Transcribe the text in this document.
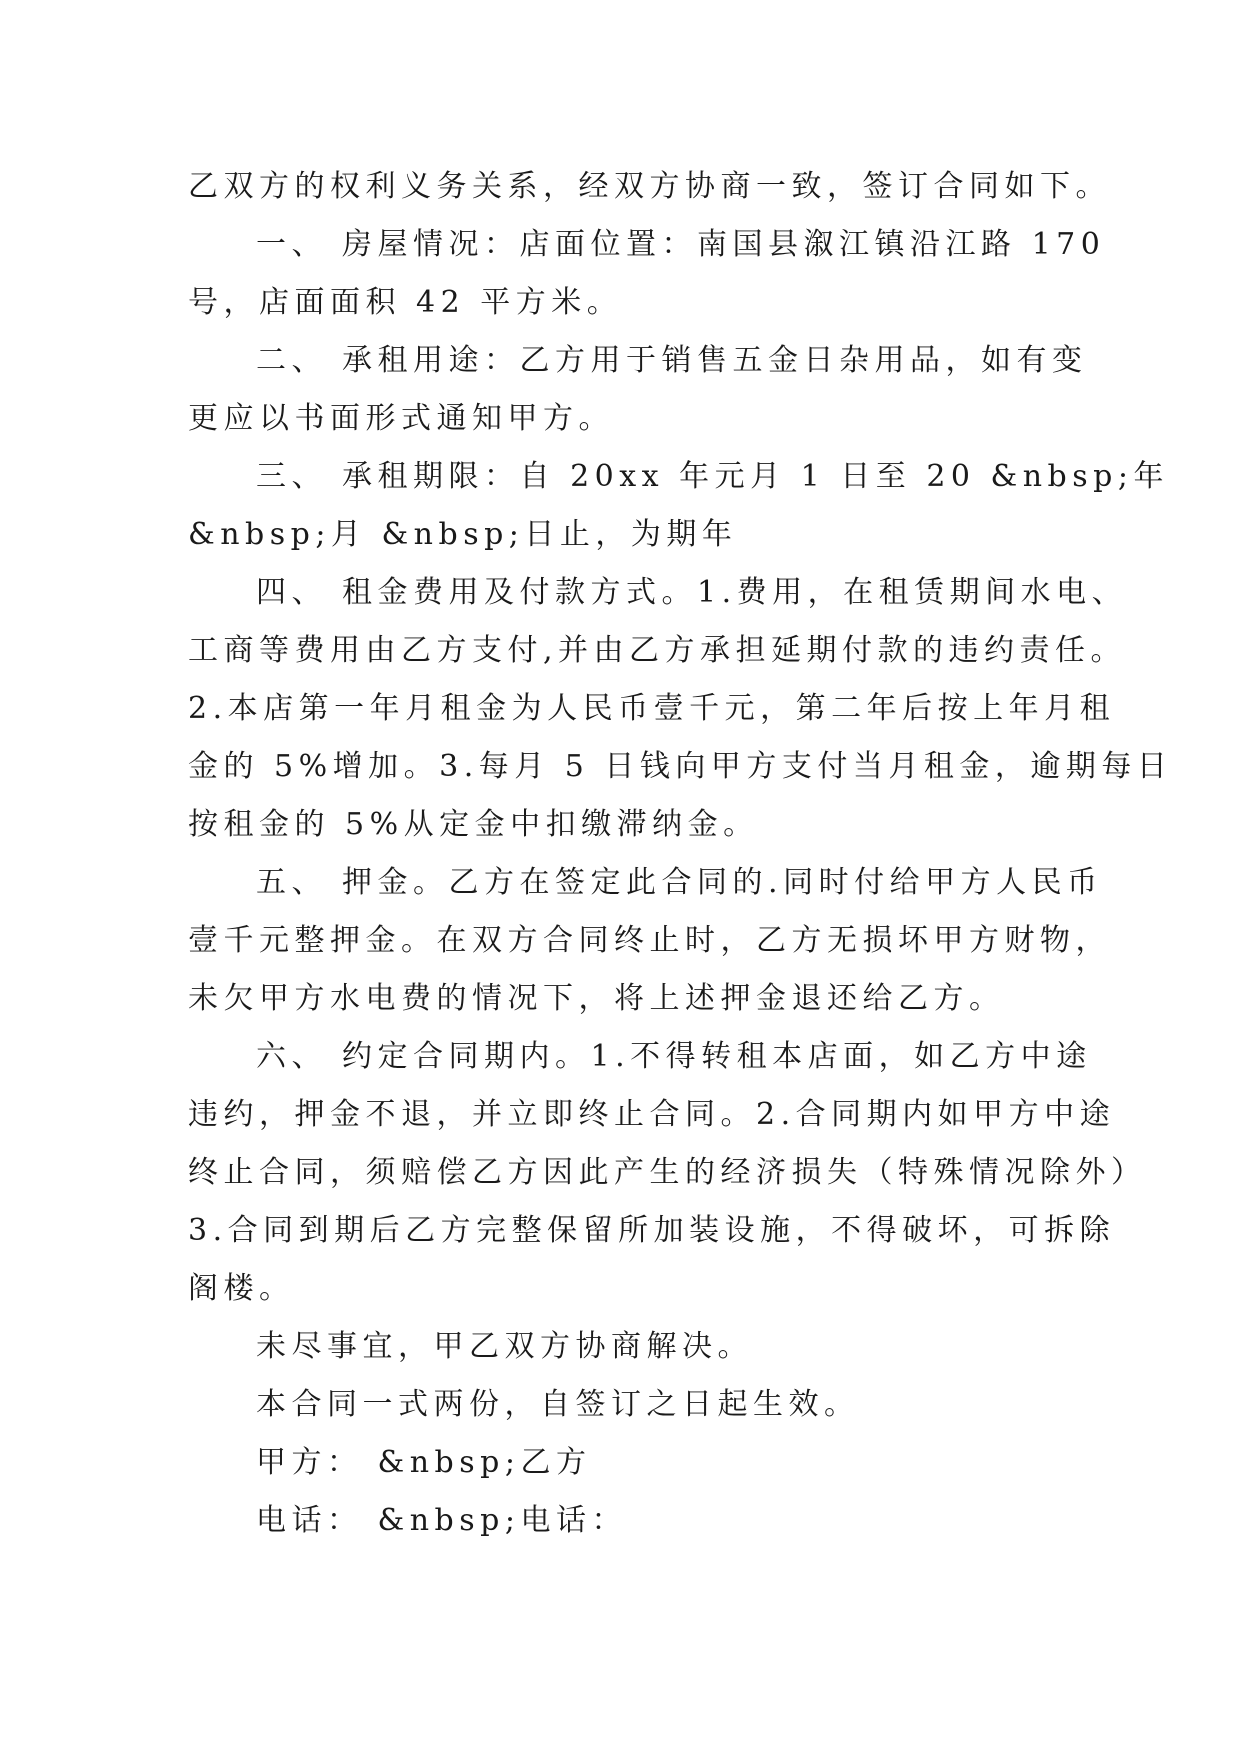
乙双方的权利义务关系，经双方协商一致，签订合同如下。
一、 房屋情况：店面位置：南国县溆江镇沿江路 170
号，店面面积 42 平方米。
二、 承租用途：乙方用于销售五金日杂用品，如有变
更应以书面形式通知甲方。
三、 承租期限：自 20xx 年元月 1 日至 20 &nbsp;年
&nbsp;月 &nbsp;日止，为期年
四、 租金费用及付款方式。1.费用，在租赁期间水电、
工商等费用由乙方支付,并由乙方承担延期付款的违约责任。
2.本店第一年月租金为人民币壹千元，第二年后按上年月租
金的 5%增加。3.每月 5 日钱向甲方支付当月租金，逾期每日
按租金的 5%从定金中扣缴滞纳金。
五、 押金。乙方在签定此合同的.同时付给甲方人民币
壹千元整押金。在双方合同终止时，乙方无损坏甲方财物，
未欠甲方水电费的情况下，将上述押金退还给乙方。
六、 约定合同期内。1.不得转租本店面，如乙方中途
违约，押金不退，并立即终止合同。2.合同期内如甲方中途
终止合同，须赔偿乙方因此产生的经济损失（特殊情况除外）
3.合同到期后乙方完整保留所加装设施，不得破坏，可拆除
阁楼。
未尽事宜，甲乙双方协商解决。
本合同一式两份，自签订之日起生效。
甲方： &nbsp;乙方
电话： &nbsp;电话：
